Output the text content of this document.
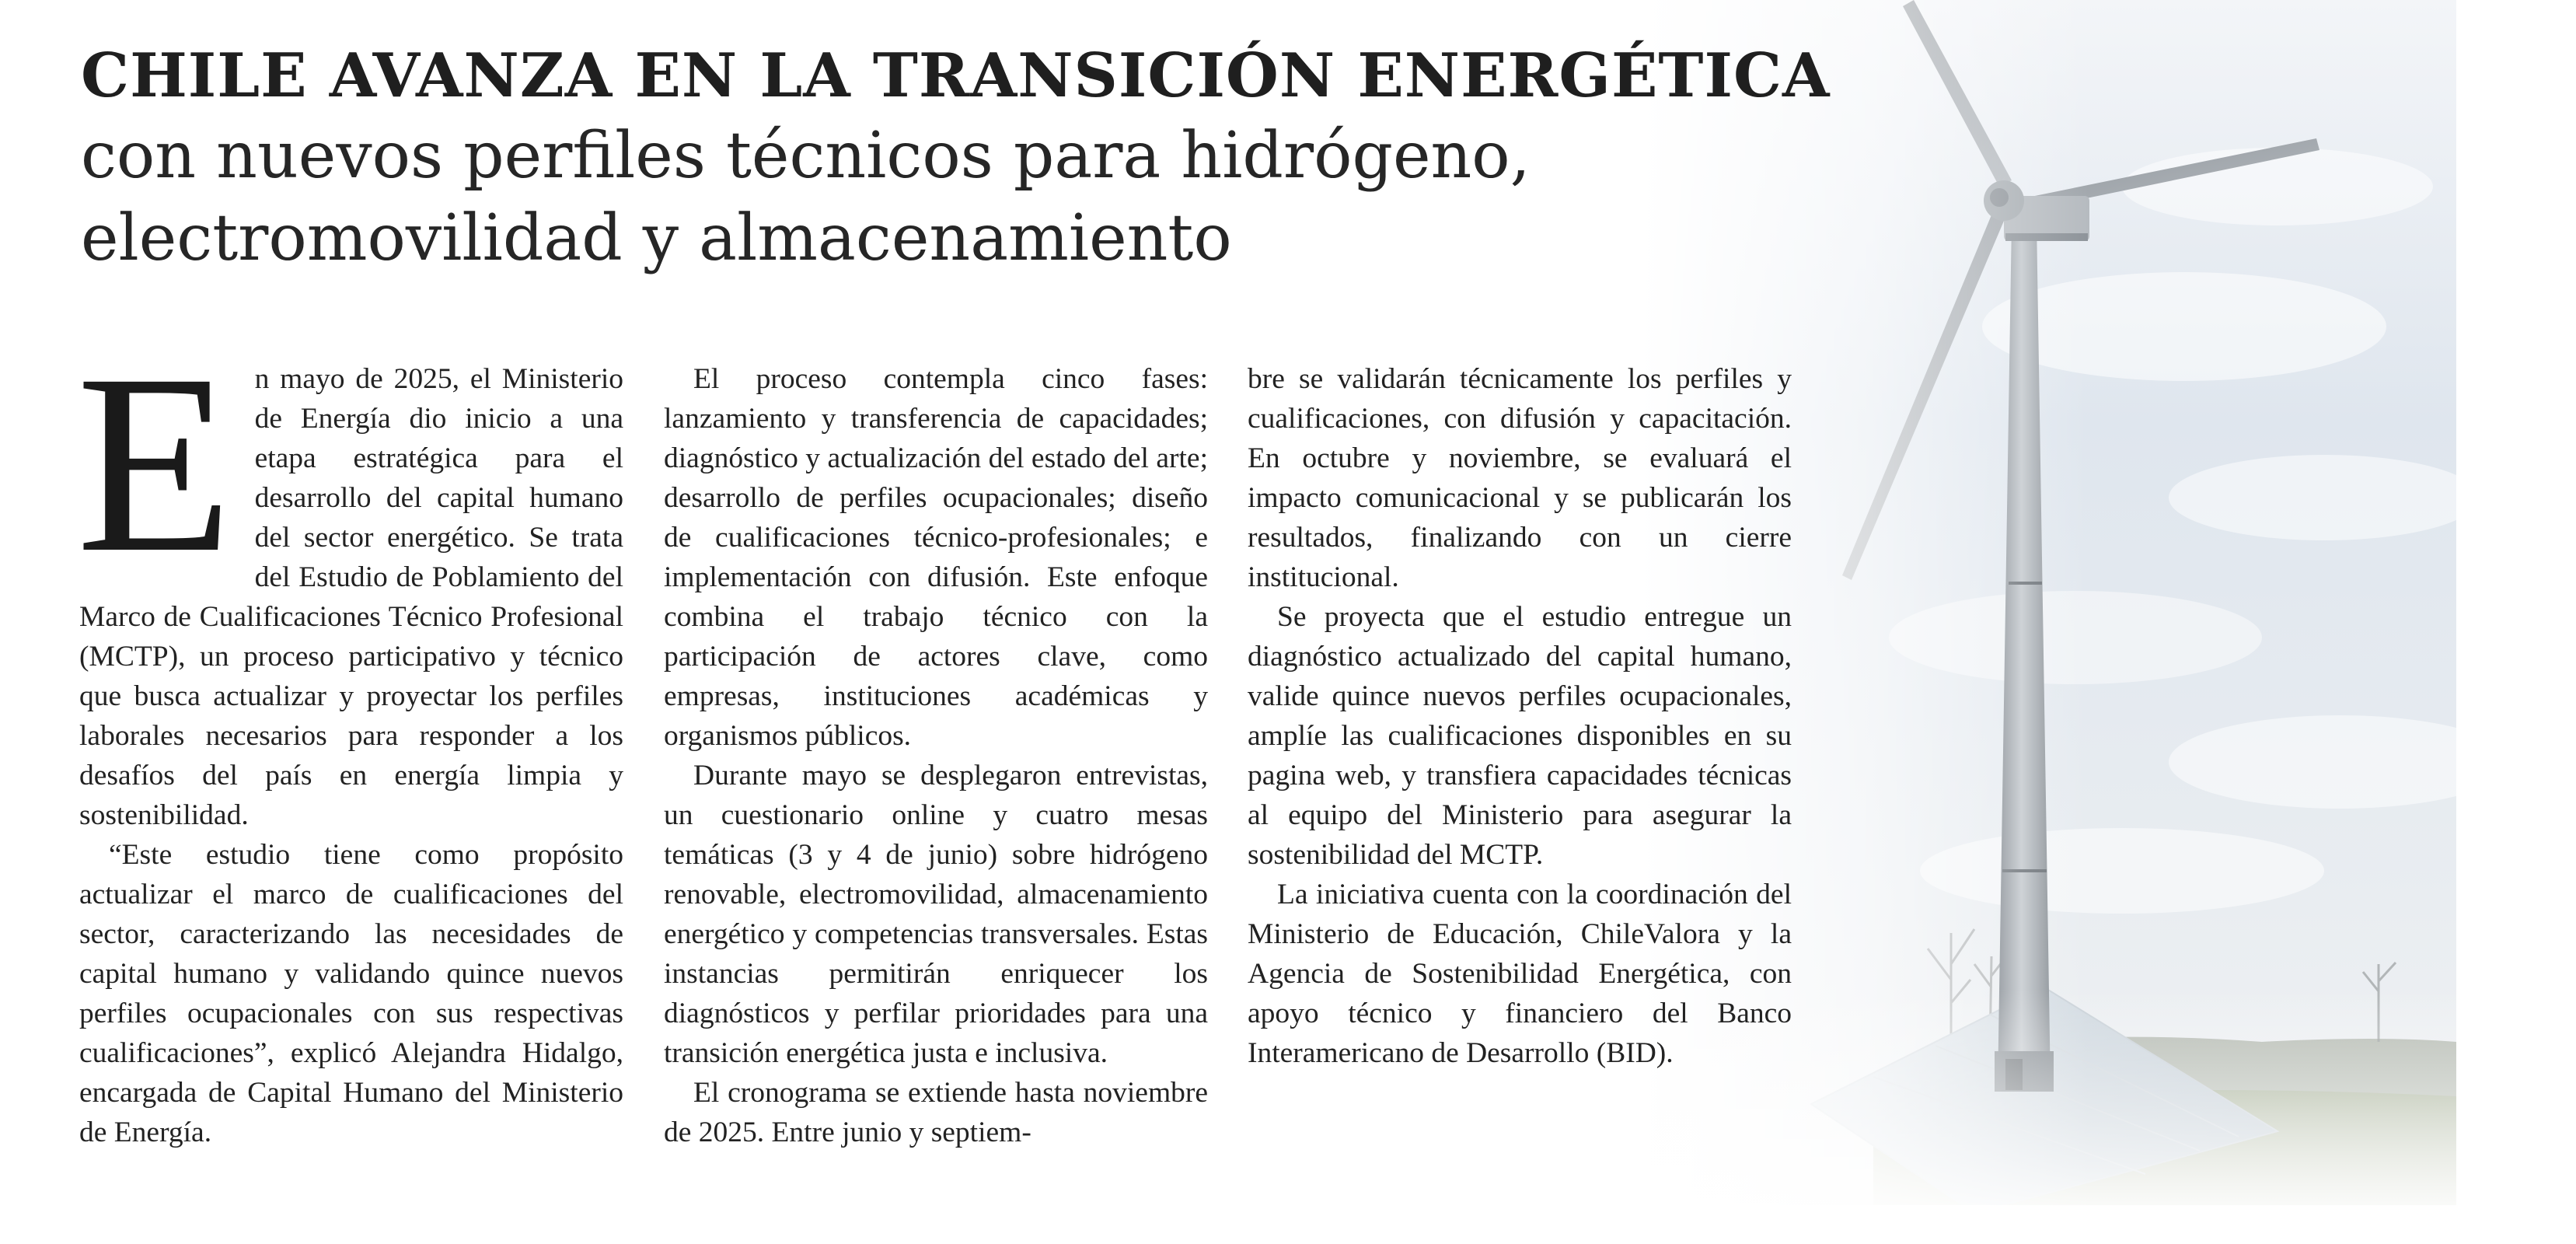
CHILE AVANZA EN LA TRANSICIÓN ENERGÉTICA
con nuevos perfiles técnicos para hidrógeno, electromovilidad y almacenamiento

En mayo de 2025, el Ministerio de Energía dio inicio a una etapa estratégica para el desarrollo del capital humano del sector energético. Se trata del Estudio de Poblamiento del Marco de Cualificaciones Técnico Profesional (MCTP), un proceso participativo y técnico que busca actualizar y proyectar los perfiles laborales necesarios para responder a los desafíos del país en energía limpia y sostenibilidad.

“Este estudio tiene como propósito actualizar el marco de cualificaciones del sector, caracterizando las necesidades de capital humano y validando quince nuevos perfiles ocupacionales con sus respectivas cualificaciones”, explicó Alejandra Hidalgo, encargada de Capital Humano del Ministerio de Energía.

El proceso contempla cinco fases: lanzamiento y transferencia de capacidades; diagnóstico y actualización del estado del arte; desarrollo de perfiles ocupacionales; diseño de cualificaciones técnico-profesionales; e implementación con difusión. Este enfoque combina el trabajo técnico con la participación de actores clave, como empresas, instituciones académicas y organismos públicos.

Durante mayo se desplegaron entrevistas, un cuestionario online y cuatro mesas temáticas (3 y 4 de junio) sobre hidrógeno renovable, electromovilidad, almacenamiento energético y competencias transversales. Estas instancias permitirán enriquecer los diagnósticos y perfilar prioridades para una transición energética justa e inclusiva.

El cronograma se extiende hasta noviembre de 2025. Entre junio y septiem-

bre se validarán técnicamente los perfiles y cualificaciones, con difusión y capacitación. En octubre y noviembre, se evaluará el impacto comunicacional y se publicarán los resultados, finalizando con un cierre institucional.

Se proyecta que el estudio entregue un diagnóstico actualizado del capital humano, valide quince nuevos perfiles ocupacionales, amplíe las cualificaciones disponibles en su pagina web, y transfiera capacidades técnicas al equipo del Ministerio para asegurar la sostenibilidad del MCTP.

La iniciativa cuenta con la coordinación del Ministerio de Educación, ChileValora y la Agencia de Sostenibilidad Energética, con apoyo técnico y financiero del Banco Interamericano de Desarrollo (BID).
